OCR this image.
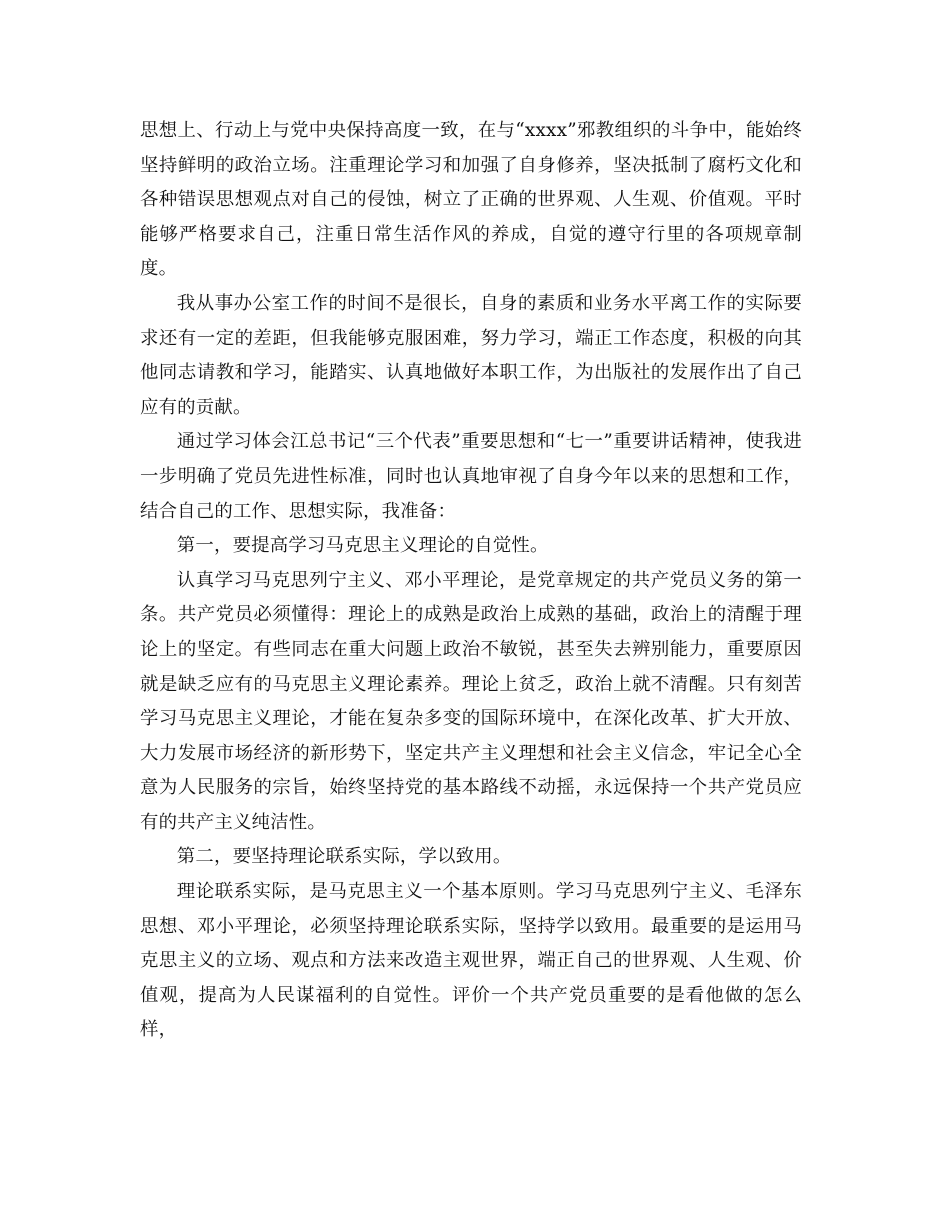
思想上、行动上与党中央保持高度一致，在与“xxxx”邪教组织的斗争中，能始终坚持鲜明的政治立场。注重理论学习和加强了自身修养，坚决抵制了腐朽文化和各种错误思想观点对自己的侵蚀，树立了正确的世界观、人生观、价值观。平时能够严格要求自己，注重日常生活作风的养成，自觉的遵守行里的各项规章制度。

我从事办公室工作的时间不是很长，自身的素质和业务水平离工作的实际要求还有一定的差距，但我能够克服困难，努力学习，端正工作态度，积极的向其他同志请教和学习，能踏实、认真地做好本职工作，为出版社的发展作出了自己应有的贡献。

通过学习体会江总书记“三个代表”重要思想和“七一”重要讲话精神，使我进一步明确了党员先进性标准，同时也认真地审视了自身今年以来的思想和工作，结合自己的工作、思想实际，我准备：

第一，要提高学习马克思主义理论的自觉性。

认真学习马克思列宁主义、邓小平理论，是党章规定的共产党员义务的第一条。共产党员必须懂得：理论上的成熟是政治上成熟的基础，政治上的清醒于理论上的坚定。有些同志在重大问题上政治不敏锐，甚至失去辨别能力，重要原因就是缺乏应有的马克思主义理论素养。理论上贫乏，政治上就不清醒。只有刻苦学习马克思主义理论，才能在复杂多变的国际环境中，在深化改革、扩大开放、大力发展市场经济的新形势下，坚定共产主义理想和社会主义信念，牢记全心全意为人民服务的宗旨，始终坚持党的基本路线不动摇，永远保持一个共产党员应有的共产主义纯洁性。

第二，要坚持理论联系实际，学以致用。

理论联系实际，是马克思主义一个基本原则。学习马克思列宁主义、毛泽东思想、邓小平理论，必须坚持理论联系实际，坚持学以致用。最重要的是运用马克思主义的立场、观点和方法来改造主观世界，端正自己的世界观、人生观、价值观，提高为人民谋福利的自觉性。评价一个共产党员重要的是看他做的怎么样，
